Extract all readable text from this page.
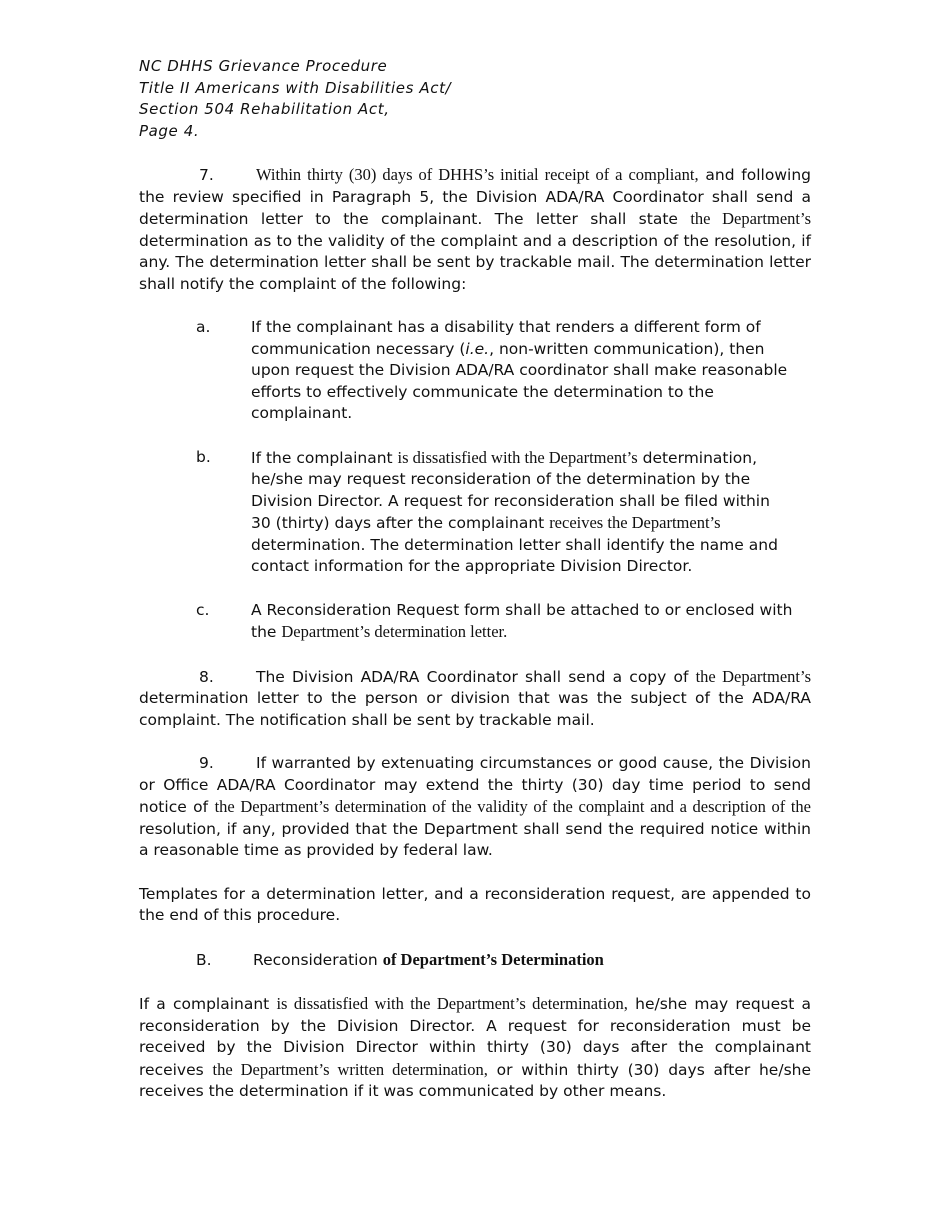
NC DHHS Grievance Procedure

Title II Americans with Disabilities Act/

Section 504 Rehabilitation Act,

Page 4.

7.	Within thirty (30) days of DHHS’s initial receipt of a compliant, and following the review specified in Paragraph 5, the Division ADA/RA Coordinator shall send a determination letter to the complainant. The letter shall state the Department’s determination as to the validity of the complaint and a description of the resolution, if any. The determination letter shall be sent by trackable mail. The determination letter shall notify the complaint of the following:

a.	If the complainant has a disability that renders a different form of communication necessary (i.e., non-written communication), then upon request the Division ADA/RA coordinator shall make reasonable efforts to effectively communicate the determination to the complainant.

b.	If the complainant is dissatisfied with the Department’s determination, he/she may request reconsideration of the determination by the Division Director. A request for reconsideration shall be filed within 30 (thirty) days after the complainant receives the Department’s determination. The determination letter shall identify the name and contact information for the appropriate Division Director.

c.	A Reconsideration Request form shall be attached to or enclosed with the Department’s determination letter.

8.	The Division ADA/RA Coordinator shall send a copy of the Department’s determination letter to the person or division that was the subject of the ADA/RA complaint. The notification shall be sent by trackable mail.

9.	If warranted by extenuating circumstances or good cause, the Division or Office ADA/RA Coordinator may extend the thirty (30) day time period to send notice of the Department’s determination of the validity of the complaint and a description of the resolution, if any, provided that the Department shall send the required notice within a reasonable time as provided by federal law.

Templates for a determination letter, and a reconsideration request, are appended to the end of this procedure.

B.	Reconsideration of Department’s Determination

If a complainant is dissatisfied with the Department’s determination, he/she may request a reconsideration by the Division Director. A request for reconsideration must be received by the Division Director within thirty (30) days after the complainant receives the Department’s written determination, or within thirty (30) days after he/she receives the determination if it was communicated by other means.
